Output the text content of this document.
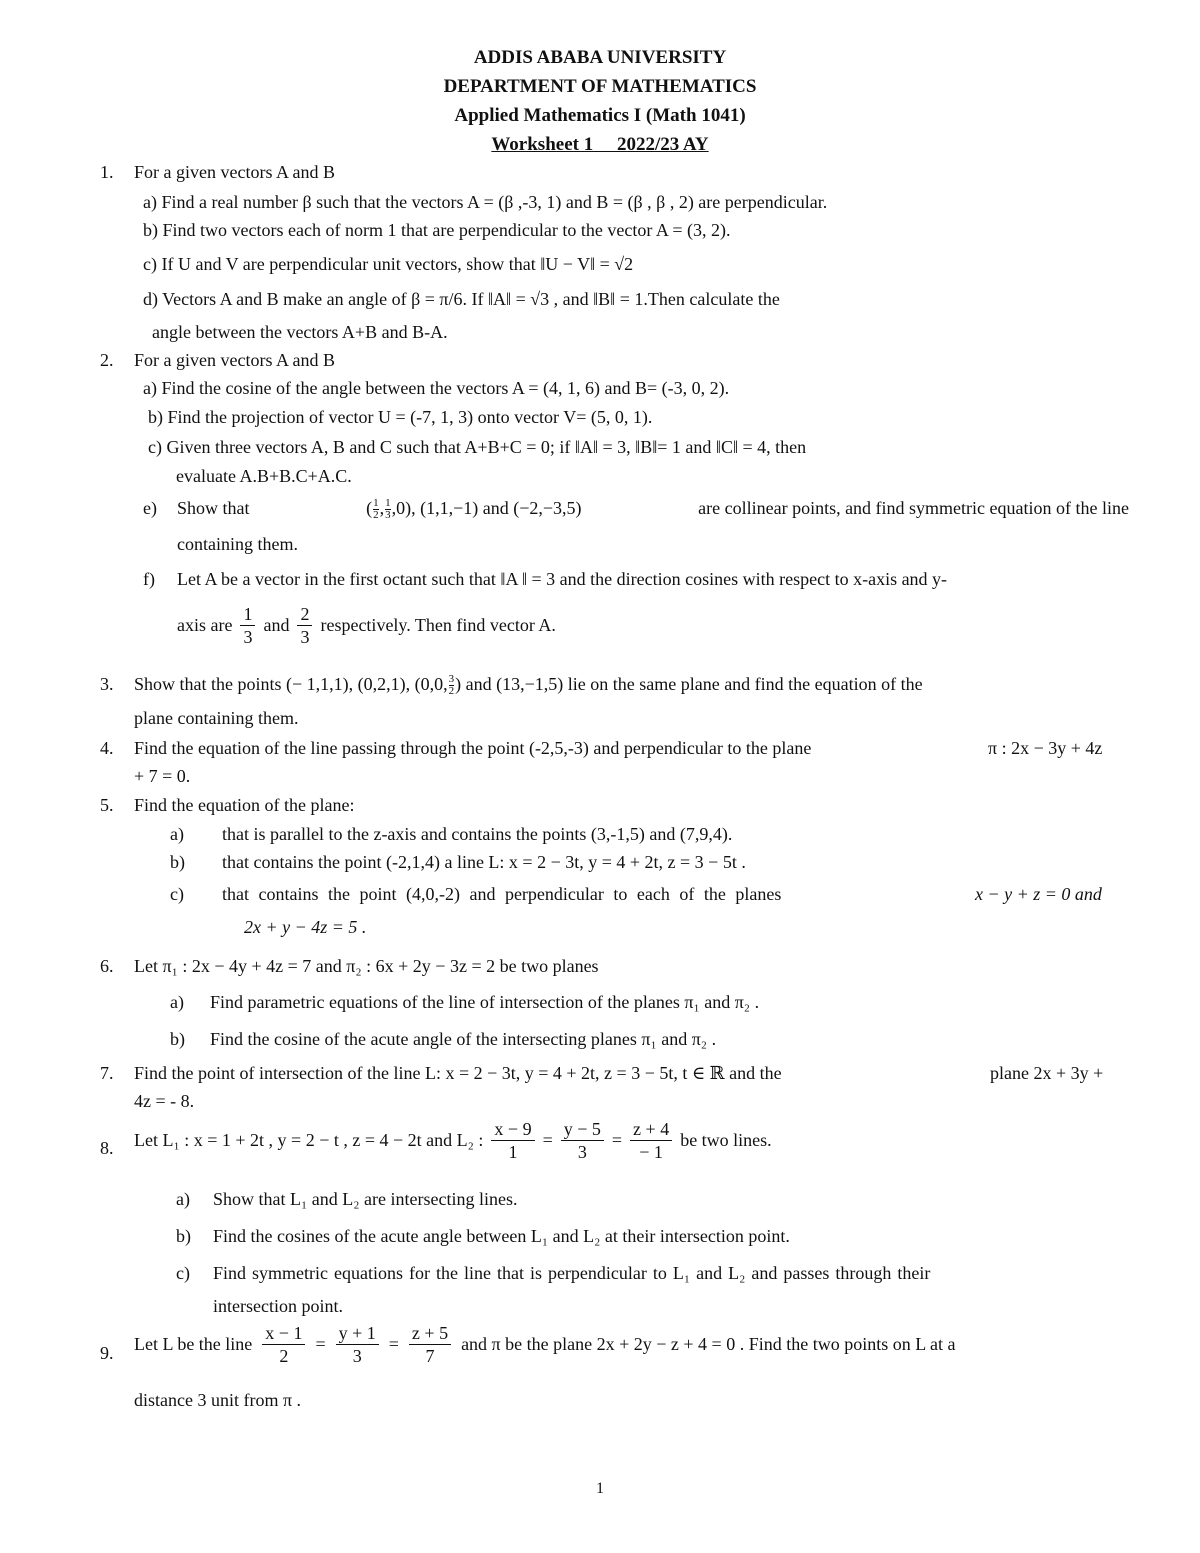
ADDIS ABABA UNIVERSITY
DEPARTMENT OF MATHEMATICS
Applied Mathematics I (Math 1041)
Worksheet 1     2022/23 AY
1. For a given vectors A and B
a) Find a real number β such that the vectors A = (β ,-3, 1) and B = (β , β , 2) are perpendicular.
b) Find two vectors each of norm 1 that are perpendicular to the vector A = (3, 2).
c) If U and V are perpendicular unit vectors, show that ‖U − V‖ = √2
d) Vectors A and B make an angle of β = π/6. If ‖A‖ = √3 , and ‖B‖ = 1.Then calculate the
angle between the vectors A+B and B-A.
2. For a given vectors A and B
a) Find the cosine of the angle between the vectors A = (4, 1, 6) and B= (-3, 0, 2).
b) Find the projection of vector U = (-7, 1, 3) onto vector V= (5, 0, 1).
c) Given three vectors A, B and C such that A+B+C = 0; if ‖A‖ = 3, ‖B‖= 1 and ‖C‖ = 4, then
evaluate A.B+B.C+A.C.
e) Show that	( $\frac{1}{2}$ , $\frac{1}{3} ,0$), (1,1,−1) and (−2,−3,5)	are collinear points, and find symmetric equation of the line
containing them.
f) Let A be a vector in the first octant such that ‖A ‖ = 3 and the direction cosines with respect to x-axis and y-
axis are $\frac{1}{3}$ and $\frac{2}{3}$ respectively. Then find vector A.
3. Show that the points (− 1,1,1), (0,2,1), (0,0, $\frac{3}{2}$ ) and (13,−1,5) lie on the same plane and find the equation of the
plane containing them.
4. Find the equation of the line passing through the point (-2,5,-3) and perpendicular to the plane	π : 2x − 3y + 4z
+ 7 = 0.
5. Find the equation of the plane:
a) that is parallel to the z-axis and contains the points (3,-1,5) and (7,9,4).
b) that contains the point (-2,1,4) a line L: x = 2 − 3t, y = 4 + 2t, z = 3 − 5t .
c) that contains the point (4,0,-2) and perpendicular to each of the planes	x − y + z = 0 and
2x + y − 4z = 5 .
6. Let π₁ : 2x − 4y + 4z = 7 and π₂ : 6x + 2y − 3z = 2 be two planes
a) Find parametric equations of the line of intersection of the planes π₁ and π₂ .
b) Find the cosine of the acute angle of the intersecting planes π₁ and π₂ .
7. Find the point of intersection of the line L: x = 2 − 3t, y = 4 + 2t, z = 3 − 5t, t ∈ ℝ and the	plane 2x + 3y +
4z = - 8.
8. Let L₁ : x = 1 + 2t , y = 2 − t , z = 4 − 2t and L₂ : $\frac{x - 9}{1} = \frac{y - 5}{3} = \frac{z + 4}{- 1}$ be two lines.
a) Show that L₁ and L₂ are intersecting lines.
b) Find the cosines of the acute angle between L₁ and L₂ at their intersection point.
c) Find symmetric equations for the line that is perpendicular to L₁ and L₂ and passes through their
intersection point.
9. Let L be the line $\frac{x - 1}{2} = \frac{y + 1}{3} = \frac{z + 5}{7}$ and π be the plane 2x + 2y − z + 4 = 0 . Find the two points on L at a
distance 3 unit from π .
1
